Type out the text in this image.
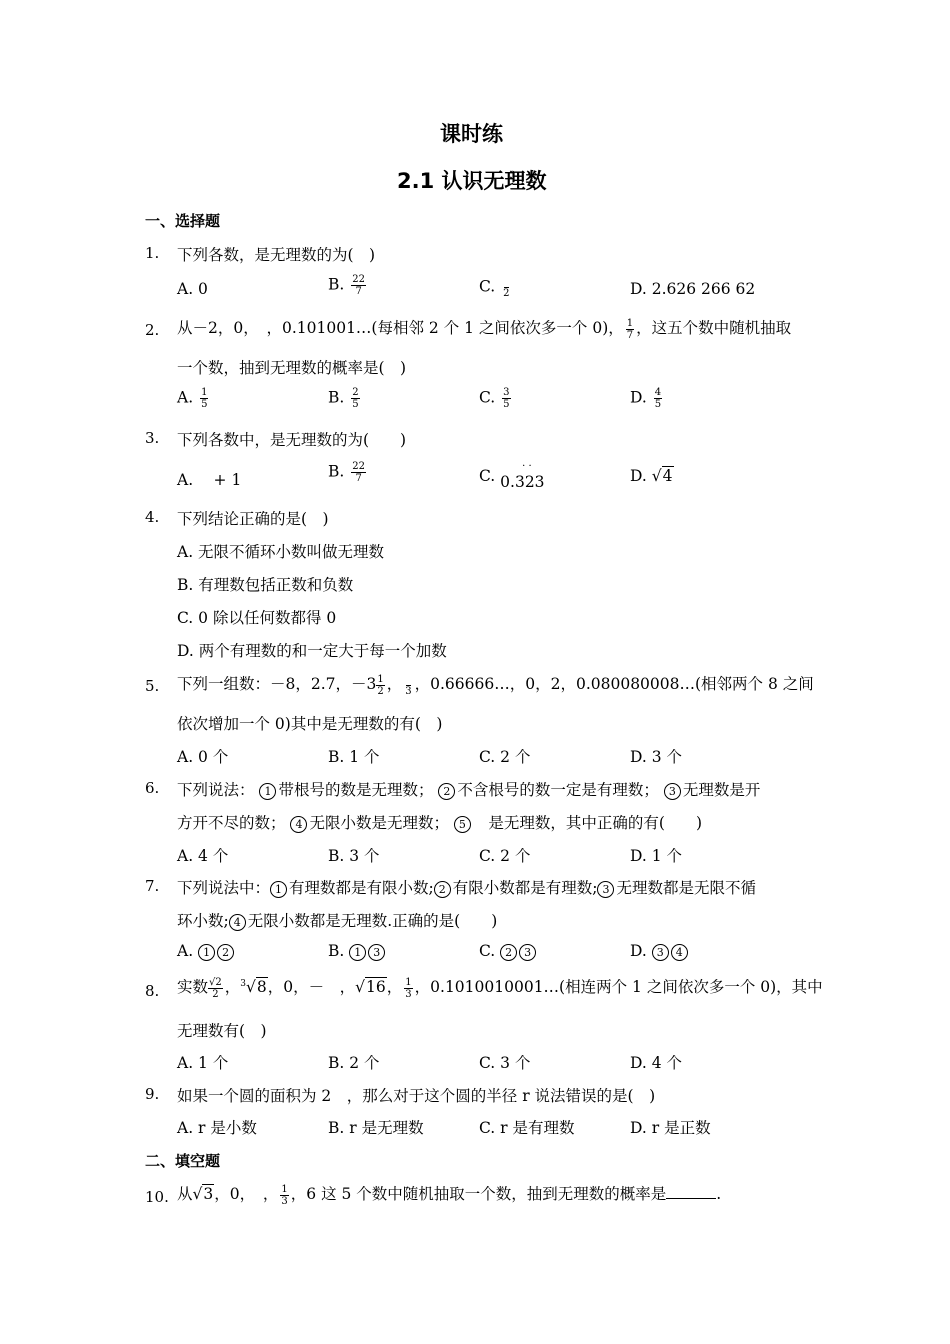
课时练
2.1 认识无理数
一、选择题
1. 下列各数，是无理数的为(　)
A. 0	B. $\frac{22}{7}$	C.
2	D. 2.626 266 62
2. 从－2，0，　，0.101001…(每相邻 2 个 1 之间依次多一个 0)， $\frac{1}{7}$ ，这五个数中随机抽取
一个数，抽到无理数的概率是(　)
A. $\frac{1}{5}$	B. $\frac{2}{5}$	C. $\frac{3}{5}$	D. $\frac{4}{5}$
3. 下列各数中，是无理数的为(　　)
A.　 + 1	B. $\frac{22}{7}$	C.
· ·
0.323	D. √4
4. 下列结论正确的是(　)
A. 无限不循环小数叫做无理数
B. 有理数包括正数和负数
C. 0 除以任何数都得 0
D. 两个有理数的和一定大于每一个加数
5. 下列一组数：－8，2.7，$-3 \frac{1}{2}$ ，
3 ，0.66666…，0，2，0.080080008…(相邻两个 8 之间
依次增加一个 0)其中是无理数的有(　)
A. 0 个	B. 1 个	C. 2 个	D. 3 个
6. 下列说法： 1 带根号的数是无理数； 2 不含根号的数一定是有理数； 3 无理数是开
方开不尽的数； 4 无限小数是无理数； 5　是无理数，其中正确的有(　　)
A. 4 个	B. 3 个	C. 2 个	D. 1 个
7. 下列说法中： 1 有理数都是有限小数; 2 有限小数都是有理数; 3 无理数都是无限不循
环小数; 4 无限小数都是无理数.正确的是(　　)
A. 1 2	B. 1 3	C. 2 3	D. 3 4
8. 实数 $\frac{√2}{2}$ ，$^3$√8，0，－　，√16， $\frac{1}{3}$ ，0.1010010001…(相连两个 1 之间依次多一个 0)，其中
无理数有(　)
A. 1 个	B. 2 个	C. 3 个	D. 4 个
9. 如果一个圆的面积为 2　，那么对于这个圆的半径 r 说法错误的是(　)
A. r 是小数	B. r 是无理数	C. r 是有理数	D. r 是正数
二、填空题
10. 从√3，0，　， $\frac{1}{3}$ ，6 这 5 个数中随机抽取一个数，抽到无理数的概率是	.
